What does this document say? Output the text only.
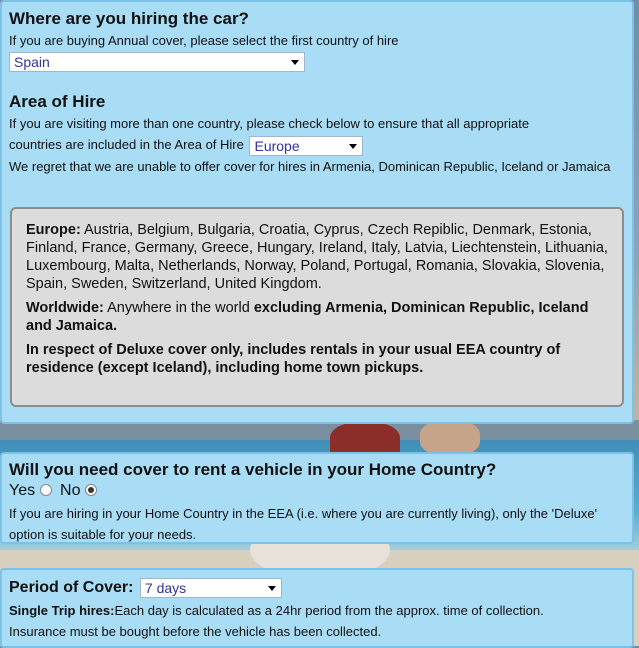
Where are you hiring the car?

If you are buying Annual cover, please select the first country of hire

Spain
Area of Hire

If you are visiting more than one country, please check below to ensure that all appropriate

countries are included in the Area of Hire Europe

We regret that we are unable to offer cover for hires in Armenia, Dominican Republic, Iceland or Jamaica

Europe: Austria, Belgium, Bulgaria, Croatia, Cyprus, Czech Repiblic, Denmark, Estonia, Finland, France, Germany, Greece, Hungary, Ireland, Italy, Latvia, Liechtenstein, Lithuania, Luxembourg, Malta, Netherlands, Norway, Poland, Portugal, Romania, Slovakia, Slovenia, Spain, Sweden, Switzerland, United Kingdom.

Worldwide: Anywhere in the world excluding Armenia, Dominican Republic, Iceland and Jamaica.

In respect of Deluxe cover only, includes rentals in your usual EEA country of residence (except Iceland), including home town pickups.

Will you need cover to rent a vehicle in your Home Country?
Yes No

If you are hiring in your Home Country in the EEA (i.e. where you are currently living), only the 'Deluxe' option is suitable for your needs.

Period of Cover: 7 days

Single Trip hires:Each day is calculated as a 24hr period from the approx. time of collection.

Insurance must be bought before the vehicle has been collected.
